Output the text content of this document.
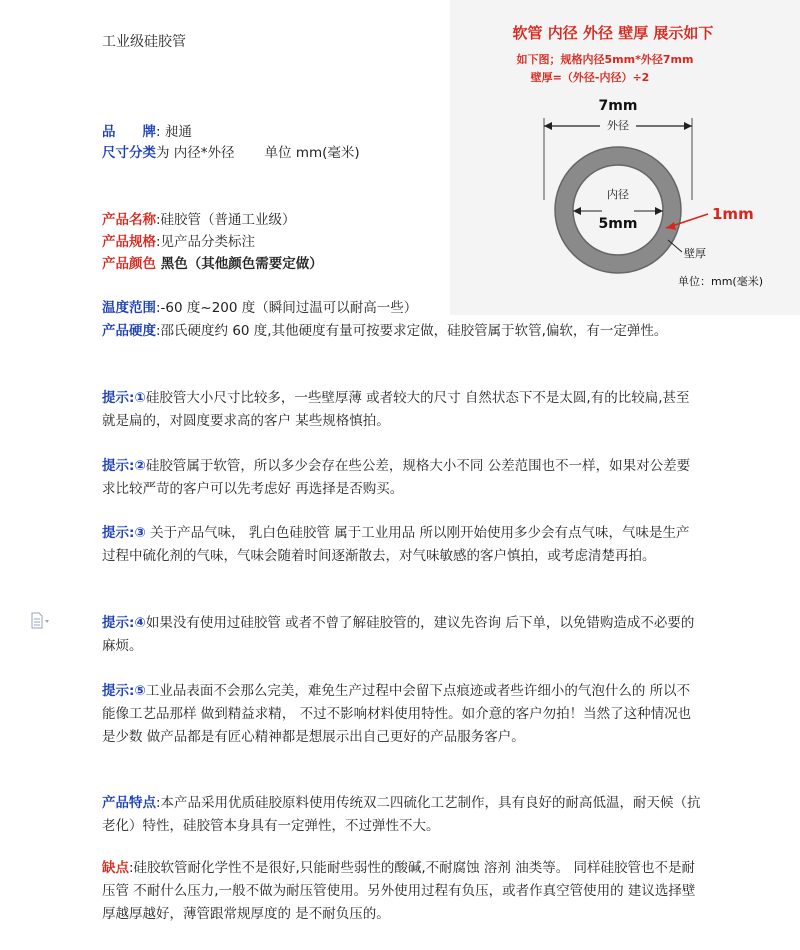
工业级硅胶管	软管 内径 外径 壁厚 展示如下
如下图；规格内径5mm*外径7mm
壁厚=（外径-内径）÷2
7mm
外径
内径
5mm
1mm
壁厚
单位：mm(毫米)
品　　牌: 昶通
尺寸分类为 内径*外径 单位 mm(毫米)
产品名称:硅胶管（普通工业级）
产品规格:见产品分类标注
产品颜色 黑色（其他颜色需要定做）
温度范围:-60 度~200 度（瞬间过温可以耐高一些）
产品硬度:邵氏硬度约 60 度,其他硬度有量可按要求定做，硅胶管属于软管,偏软，有一定弹性。
提示:①硅胶管大小尺寸比较多，一些壁厚薄 或者较大的尺寸 自然状态下不是太圆,有的比较扁,甚至就是扁的，对圆度要求高的客户 某些规格慎拍。
提示:②硅胶管属于软管，所以多少会存在些公差，规格大小不同 公差范围也不一样，如果对公差要求比较严苛的客户可以先考虑好 再选择是否购买。
提示:③ 关于产品气味， 乳白色硅胶管 属于工业用品 所以刚开始使用多少会有点气味，气味是生产过程中硫化剂的气味，气味会随着时间逐渐散去，对气味敏感的客户慎拍，或考虑清楚再拍。
提示:④如果没有使用过硅胶管 或者不曾了解硅胶管的，建议先咨询 后下单，以免错购造成不必要的麻烦。
提示:⑤工业品表面不会那么完美，难免生产过程中会留下点痕迹或者些许细小的气泡什么的 所以不能像工艺品那样 做到精益求精， 不过不影响材料使用特性。如介意的客户勿拍！当然了这种情况也是少数 做产品都是有匠心精神都是想展示出自己更好的产品服务客户。
产品特点:本产品采用优质硅胶原料使用传统双二四硫化工艺制作，具有良好的耐高低温，耐天候（抗老化）特性，硅胶管本身具有一定弹性，不过弹性不大。
缺点:硅胶软管耐化学性不是很好,只能耐些弱性的酸碱,不耐腐蚀 溶剂 油类等。 同样硅胶管也不是耐压管 不耐什么压力,一般不做为耐压管使用。另外使用过程有负压，或者作真空管使用的 建议选择壁厚越厚越好，薄管跟常规厚度的 是不耐负压的。
